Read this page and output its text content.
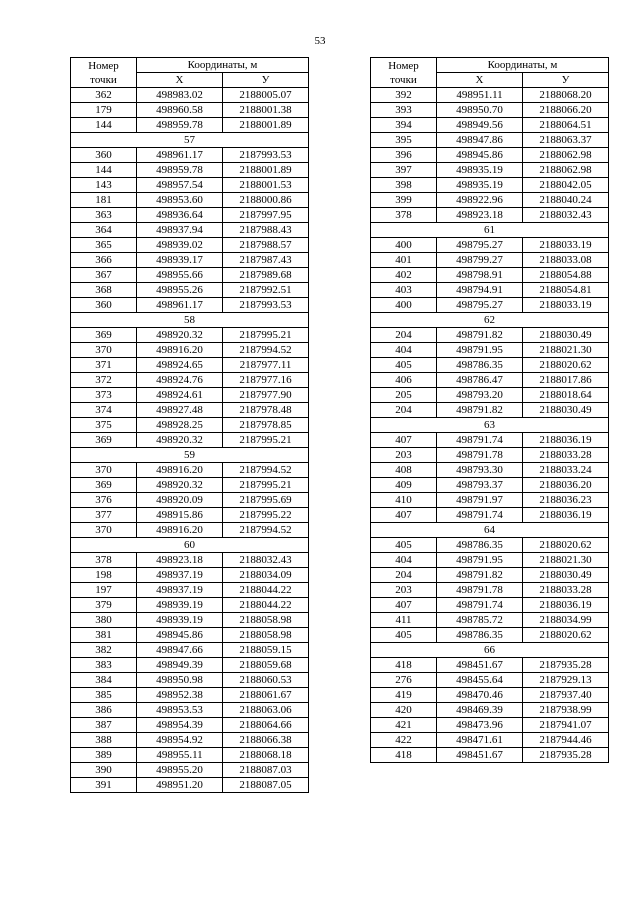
53
Номер
точки	Координаты, м	
	X	У
362	498983.02	2188005.07
179	498960.58	2188001.38
144	498959.78	2188001.89
57		
360	498961.17	2187993.53
144	498959.78	2188001.89
143	498957.54	2188001.53
181	498953.60	2188000.86
363	498936.64	2187997.95
364	498937.94	2187988.43
365	498939.02	2187988.57
366	498939.17	2187987.43
367	498955.66	2187989.68
368	498955.26	2187992.51
360	498961.17	2187993.53
58		
369	498920.32	2187995.21
370	498916.20	2187994.52
371	498924.65	2187977.11
372	498924.76	2187977.16
373	498924.61	2187977.90
374	498927.48	2187978.48
375	498928.25	2187978.85
369	498920.32	2187995.21
59		
370	498916.20	2187994.52
369	498920.32	2187995.21
376	498920.09	2187995.69
377	498915.86	2187995.22
370	498916.20	2187994.52
60		
378	498923.18	2188032.43
198	498937.19	2188034.09
197	498937.19	2188044.22
379	498939.19	2188044.22
380	498939.19	2188058.98
381	498945.86	2188058.98
382	498947.66	2188059.15
383	498949.39	2188059.68
384	498950.98	2188060.53
385	498952.38	2188061.67
386	498953.53	2188063.06
387	498954.39	2188064.66
388	498954.92	2188066.38
389	498955.11	2188068.18
390	498955.20	2188087.03
391	498951.20	2188087.05
Номер
точки	Координаты, м	
	X	У
392	498951.11	2188068.20
393	498950.70	2188066.20
394	498949.56	2188064.51
395	498947.86	2188063.37
396	498945.86	2188062.98
397	498935.19	2188062.98
398	498935.19	2188042.05
399	498922.96	2188040.24
378	498923.18	2188032.43
61		
400	498795.27	2188033.19
401	498799.27	2188033.08
402	498798.91	2188054.88
403	498794.91	2188054.81
400	498795.27	2188033.19
62		
204	498791.82	2188030.49
404	498791.95	2188021.30
405	498786.35	2188020.62
406	498786.47	2188017.86
205	498793.20	2188018.64
204	498791.82	2188030.49
63		
407	498791.74	2188036.19
203	498791.78	2188033.28
408	498793.30	2188033.24
409	498793.37	2188036.20
410	498791.97	2188036.23
407	498791.74	2188036.19
64		
405	498786.35	2188020.62
404	498791.95	2188021.30
204	498791.82	2188030.49
203	498791.78	2188033.28
407	498791.74	2188036.19
411	498785.72	2188034.99
405	498786.35	2188020.62
66		
418	498451.67	2187935.28
276	498455.64	2187929.13
419	498470.46	2187937.40
420	498469.39	2187938.99
421	498473.96	2187941.07
422	498471.61	2187944.46
418	498451.67	2187935.28
